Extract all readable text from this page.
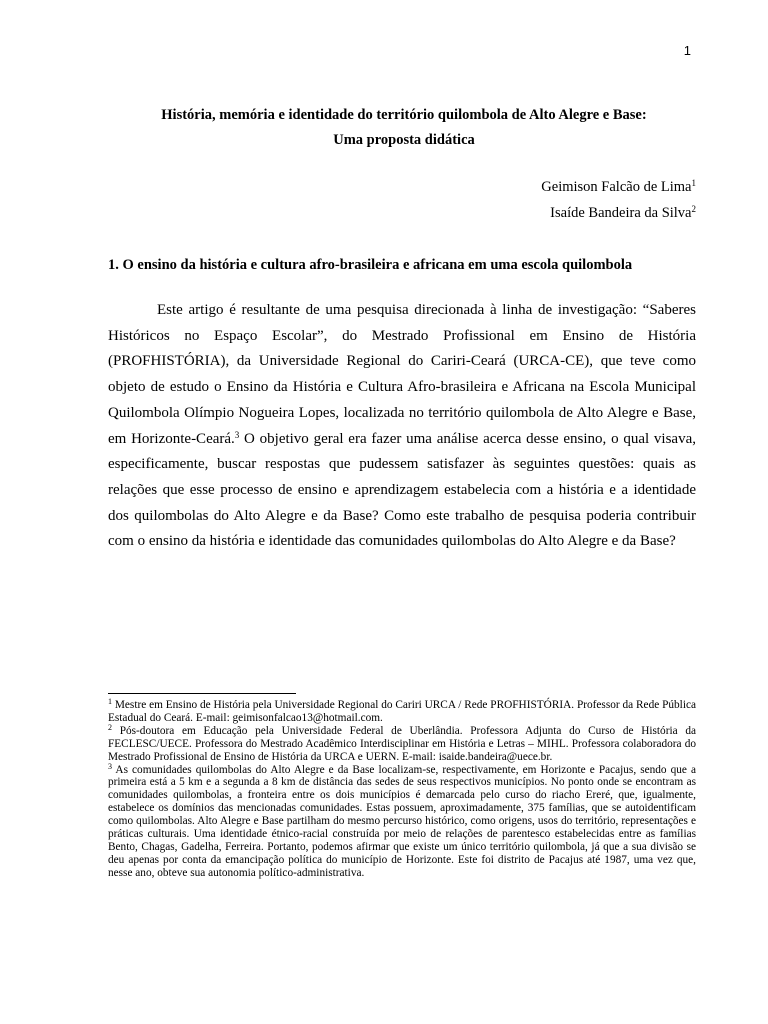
1
História, memória e identidade do território quilombola de Alto Alegre e Base:
Uma proposta didática
Geimison Falcão de Lima$^1$
Isaíde Bandeira da Silva$^2$
1. O ensino da história e cultura afro-brasileira e africana em uma escola quilombola

Este artigo é resultante de uma pesquisa direcionada à linha de investigação: “Saberes Históricos no Espaço Escolar”, do Mestrado Profissional em Ensino de História (PROFHISTÓRIA), da Universidade Regional do Cariri-Ceará (URCA-CE), que teve como objeto de estudo o Ensino da História e Cultura Afro-brasileira e Africana na Escola Municipal Quilombola Olímpio Nogueira Lopes, localizada no território quilombola de Alto Alegre e Base, em Horizonte-Ceará.$^3$ O objetivo geral era fazer uma análise acerca desse ensino, o qual visava, especificamente, buscar respostas que pudessem satisfazer às seguintes questões: quais as relações que esse processo de ensino e aprendizagem estabelecia com a história e a identidade dos quilombolas do Alto Alegre e da Base? Como este trabalho de pesquisa poderia contribuir com o ensino da história e identidade das comunidades quilombolas do Alto Alegre e da Base?

$^1$ Mestre em Ensino de História pela Universidade Regional do Cariri URCA / Rede PROFHISTÓRIA. Professor da Rede Pública Estadual do Ceará. E-mail: geimisonfalcao13@hotmail.com.

$^2$ Pós-doutora em Educação pela Universidade Federal de Uberlândia. Professora Adjunta do Curso de História da FECLESC/UECE. Professora do Mestrado Acadêmico Interdisciplinar em História e Letras – MIHL. Professora colaboradora do Mestrado Profissional de Ensino de História da URCA e UERN. E-mail: isaide.bandeira@uece.br.

$^3$ As comunidades quilombolas do Alto Alegre e da Base localizam-se, respectivamente, em Horizonte e Pacajus, sendo que a primeira está a 5 km e a segunda a 8 km de distância das sedes de seus respectivos municípios. No ponto onde se encontram as comunidades quilombolas, a fronteira entre os dois municípios é demarcada pelo curso do riacho Ereré, que, igualmente, estabelece os domínios das mencionadas comunidades. Estas possuem, aproximadamente, 375 famílias, que se autoidentificam como quilombolas. Alto Alegre e Base partilham do mesmo percurso histórico, como origens, usos do território, representações e práticas culturais. Uma identidade étnico-racial construída por meio de relações de parentesco estabelecidas entre as famílias Bento, Chagas, Gadelha, Ferreira. Portanto, podemos afirmar que existe um único território quilombola, já que a sua divisão se deu apenas por conta da emancipação política do município de Horizonte. Este foi distrito de Pacajus até 1987, uma vez que, nesse ano, obteve sua autonomia político-administrativa.
